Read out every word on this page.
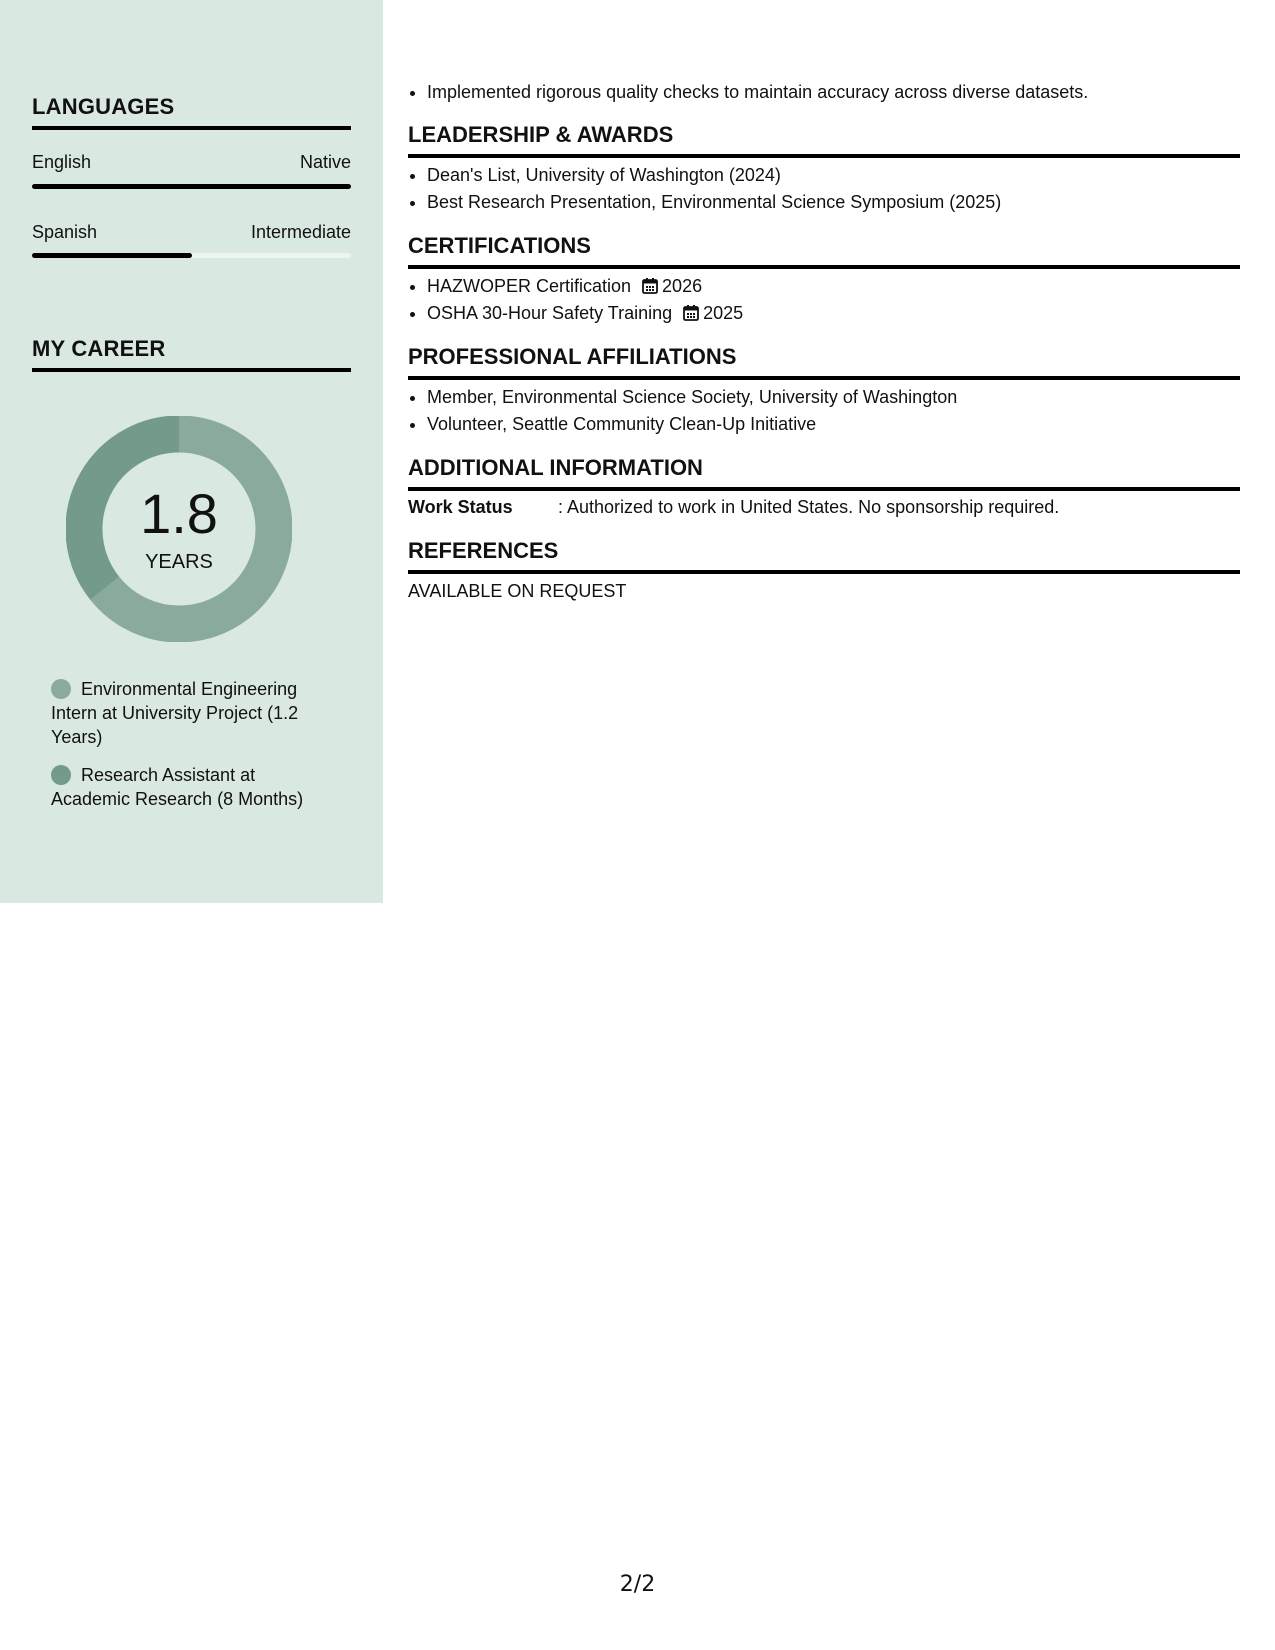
LANGUAGES
English	Native
Spanish	Intermediate
MY CAREER
1.8
YEARS
Environmental Engineering Intern at University Project (1.2 Years)
Research Assistant at Academic Research (8 Months)
• Implemented rigorous quality checks to maintain accuracy across diverse datasets.
LEADERSHIP & AWARDS
• Dean's List, University of Washington (2024)
• Best Research Presentation, Environmental Science Symposium (2025)
CERTIFICATIONS
• HAZWOPER Certification 2026
• OSHA 30-Hour Safety Training 2025
PROFESSIONAL AFFILIATIONS
• Member, Environmental Science Society, University of Washington
• Volunteer, Seattle Community Clean-Up Initiative
ADDITIONAL INFORMATION
Work Status	: Authorized to work in United States. No sponsorship required.
REFERENCES
AVAILABLE ON REQUEST
2/2
